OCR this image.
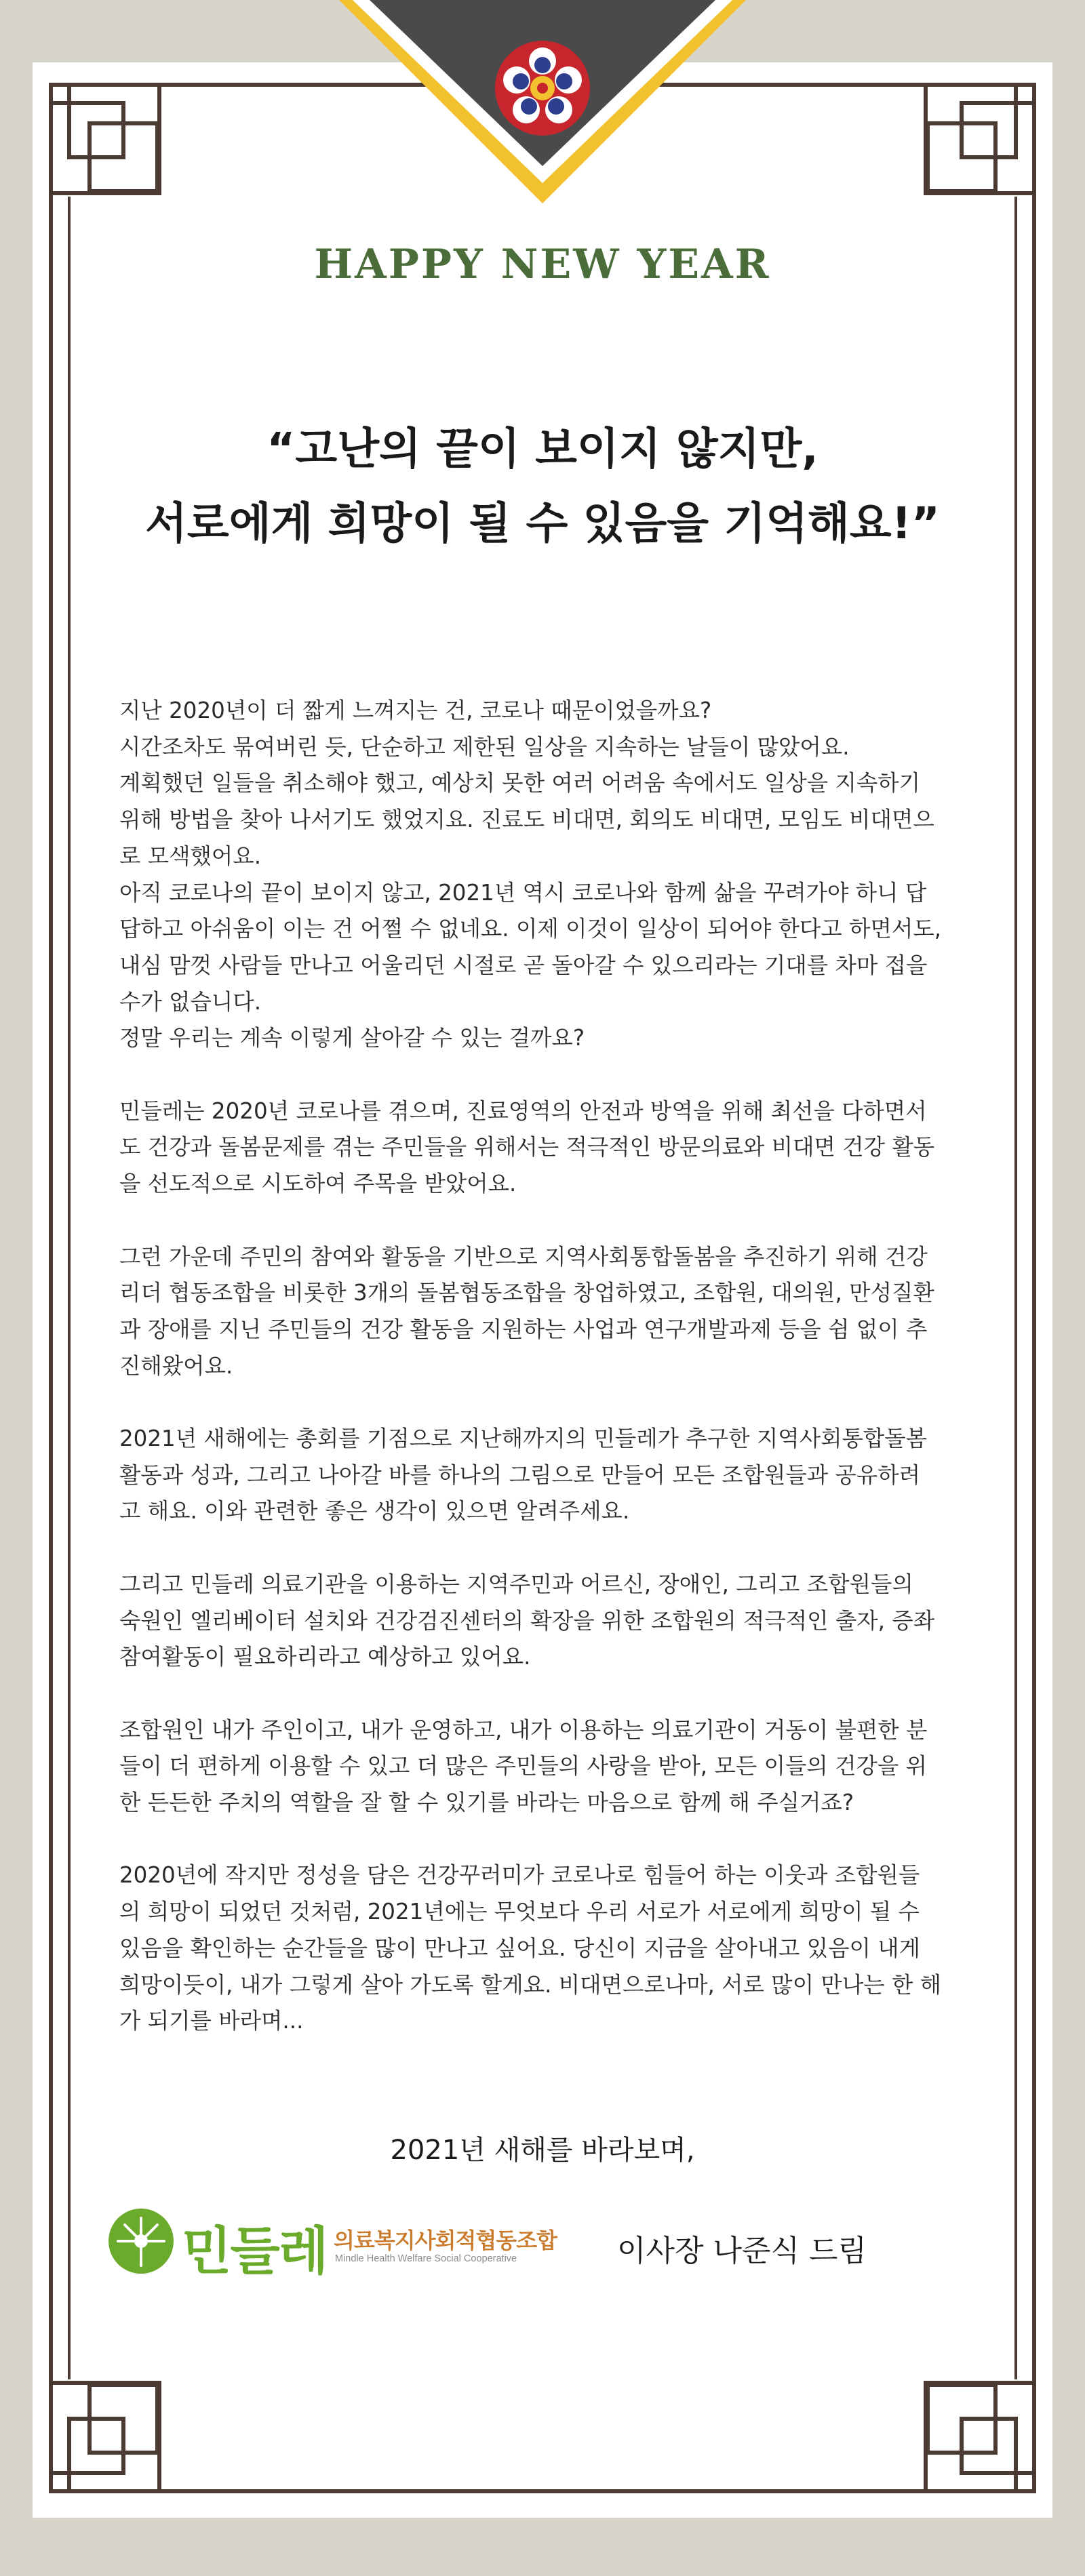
HAPPY NEW YEAR
“고난의 끝이 보이지 않지만,
서로에게 희망이 될 수 있음을 기억해요!”
지난 2020년이 더 짧게 느껴지는 건, 코로나 때문이었을까요?
시간조차도 묶여버린 듯, 단순하고 제한된 일상을 지속하는 날들이 많았어요.
계획했던 일들을 취소해야 했고, 예상치 못한 여러 어려움 속에서도 일상을 지속하기
위해 방법을 찾아 나서기도 했었지요. 진료도 비대면, 회의도 비대면, 모임도 비대면으
로 모색했어요.
아직 코로나의 끝이 보이지 않고, 2021년 역시 코로나와 함께 삶을 꾸려가야 하니 답
답하고 아쉬움이 이는 건 어쩔 수 없네요. 이제 이것이 일상이 되어야 한다고 하면서도,
내심 맘껏 사람들 만나고 어울리던 시절로 곧 돌아갈 수 있으리라는 기대를 차마 접을
수가 없습니다.
정말 우리는 계속 이렇게 살아갈 수 있는 걸까요?
민들레는 2020년 코로나를 겪으며, 진료영역의 안전과 방역을 위해 최선을 다하면서
도 건강과 돌봄문제를 겪는 주민들을 위해서는 적극적인 방문의료와 비대면 건강 활동
을 선도적으로 시도하여 주목을 받았어요.
그런 가운데 주민의 참여와 활동을 기반으로 지역사회통합돌봄을 추진하기 위해 건강
리더 협동조합을 비롯한 3개의 돌봄협동조합을 창업하였고, 조합원, 대의원, 만성질환
과 장애를 지닌 주민들의 건강 활동을 지원하는 사업과 연구개발과제 등을 쉼 없이 추
진해왔어요.
2021년 새해에는 총회를 기점으로 지난해까지의 민들레가 추구한 지역사회통합돌봄
활동과 성과, 그리고 나아갈 바를 하나의 그림으로 만들어 모든 조합원들과 공유하려
고 해요. 이와 관련한 좋은 생각이 있으면 알려주세요.
그리고 민들레 의료기관을 이용하는 지역주민과 어르신, 장애인, 그리고 조합원들의
숙원인 엘리베이터 설치와 건강검진센터의 확장을 위한 조합원의 적극적인 출자, 증좌
참여활동이 필요하리라고 예상하고 있어요.
조합원인 내가 주인이고, 내가 운영하고, 내가 이용하는 의료기관이 거동이 불편한 분
들이 더 편하게 이용할 수 있고 더 많은 주민들의 사랑을 받아, 모든 이들의 건강을 위
한 든든한 주치의 역할을 잘 할 수 있기를 바라는 마음으로 함께 해 주실거죠?
2020년에 작지만 정성을 담은 건강꾸러미가 코로나로 힘들어 하는 이웃과 조합원들
의 희망이 되었던 것처럼, 2021년에는 무엇보다 우리 서로가 서로에게 희망이 될 수
있음을 확인하는 순간들을 많이 만나고 싶어요. 당신이 지금을 살아내고 있음이 내게
희망이듯이, 내가 그렇게 살아 가도록 할게요. 비대면으로나마, 서로 많이 만나는 한 해
가 되기를 바라며...
2021년 새해를 바라보며,
민들레 의료복지사회적협동조합
Mindle Health Welfare Social Cooperative	이사장 나준식 드림
